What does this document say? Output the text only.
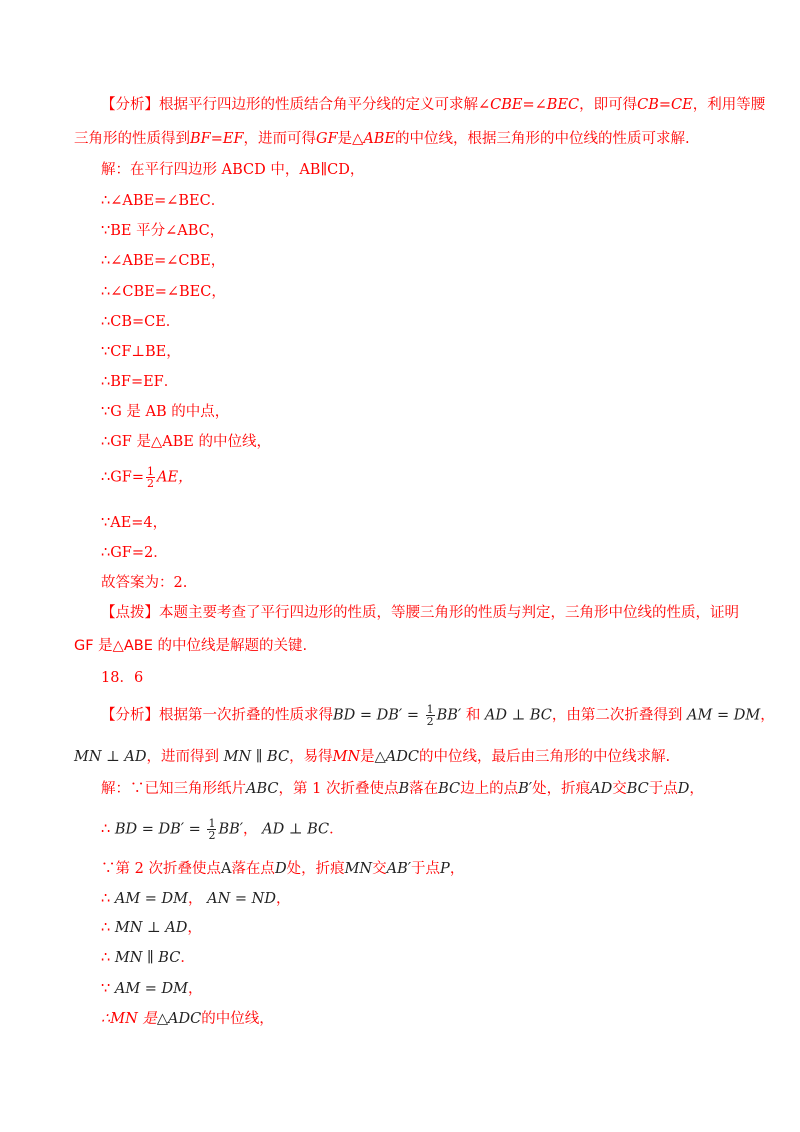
【分析】根据平行四边形的性质结合角平分线的定义可求解∠CBE=∠BEC，即可得CB=CE，利用等腰
三角形的性质得到BF=EF，进而可得GF是△ABE的中位线，根据三角形的中位线的性质可求解.
解：在平行四边形 ABCD 中，AB∥CD，
∴∠ABE=∠BEC．
∵BE 平分∠ABC，
∴∠ABE=∠CBE，
∴∠CBE=∠BEC，
∴CB=CE．
∵CF⊥BE，
∴BF=EF．
∵G 是 AB 的中点，
∴GF 是△ABE 的中位线，
∴GF= $\frac{1}{2}$ AE，
∵AE=4，
∴GF=2．
故答案为：2.
【点拨】本题主要考查了平行四边形的性质，等腰三角形的性质与判定，三角形中位线的性质，证明
GF 是△ABE 的中位线是解题的关键.
18．6
【分析】根据第一次折叠的性质求得BD = $DB' = \frac{1}{2} BB'$ 和 AD ⊥ BC，由第二次折叠得到 AM = DM，
MN ⊥ AD，进而得到 MN ∥ BC，易得MN是△ADC的中位线，最后由三角形的中位线求解.
解：∵已知三角形纸片ABC，第 1 次折叠使点B落在BC边上的点B′处，折痕AD交BC于点D，
∴ BD = $DB' = \frac{1}{2} BB'$， AD ⊥ BC．
∵第 2 次折叠使点A落在点D处，折痕MN交AB′于点P，
∴ AM = DM， AN = ND，
∴ MN ⊥ AD，
∴ MN ∥ BC．
∵ AM = DM，
∴MN 是△ADC的中位线，
